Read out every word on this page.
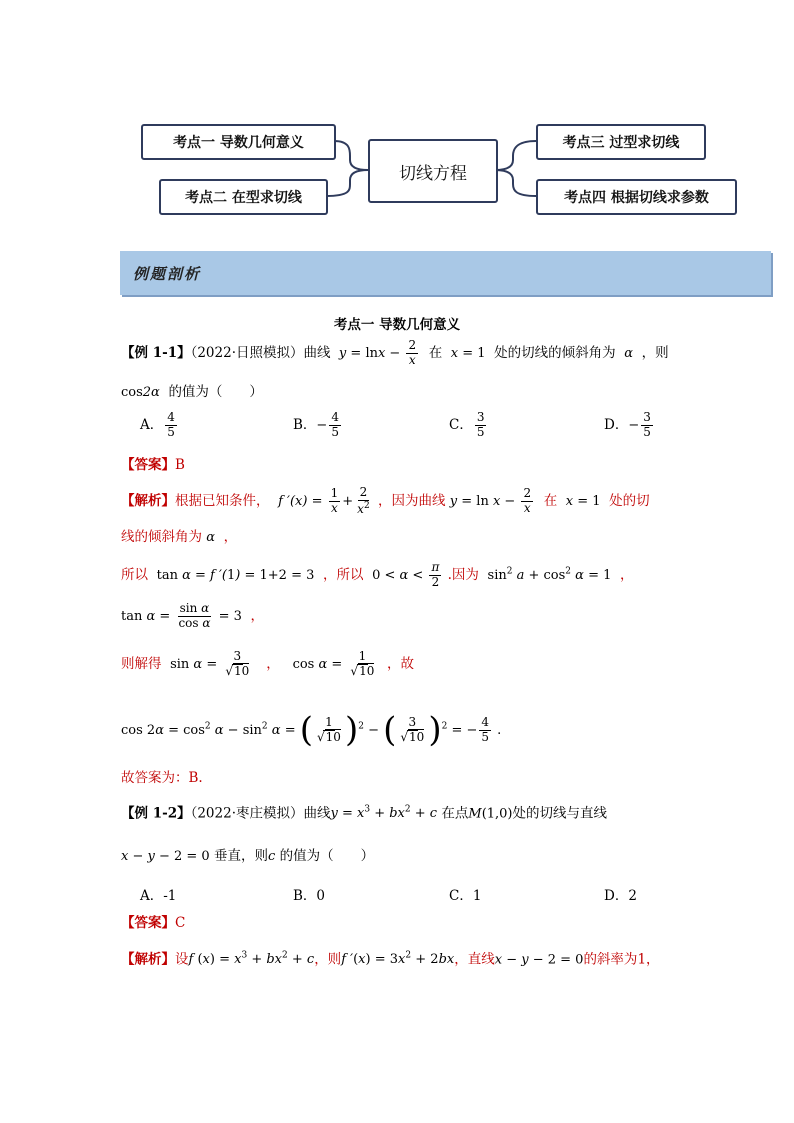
考点一 导数几何意义
考点二 在型求切线
切线方程
考点三 过型求切线
考点四 根据切线求参数
例题剖析
考点一 导数几何意义
【例 1-1】（2022·日照模拟）曲线  $y = \ln x - \frac{2}{x}$ 在 x = 1 处的切线的倾斜角为 α ，则
cos2α 的值为（　　）
A． $\frac{4}{5}$	B．− $\frac{4}{5}$	C． $\frac{3}{5}$	D．− $\frac{3}{5}$
【答案】B
【解析】根据已知条件， f $'(x) = \frac{1}{x} + \frac{2}{x^2}$ ，因为曲线 $y = \ln x - \frac{2}{x}$ 在 x = 1 处的切
线的倾斜角为 α ，
所以 tan α = f ′(1) = 1+2 = 3 ，所以 $0 < \alpha < \frac{\pi}{2}$ .因为 $\sin^2 a + \cos^2 \alpha = 1$ ，
$\tan \alpha = \frac{\text{sin α}}{\text{cos α}} = 3$ ，
则解得 $\sin \alpha = \frac{3}{√10}$ ， $\cos \alpha = \frac{1}{√10}$ ，故
$\cos 2\alpha = \cos^2 \alpha - \sin^2 \alpha$ = ( $\frac{1}{√10} )^2$ − ( $\frac{3}{√10} )^2$ = − $\frac{4}{5}$ .
故答案为：B.
【例 1-2】（2022·枣庄模拟）曲线$y = x^3 + bx^2 + c$ 在点M(1,0)处的切线与直线
x − y − 2 = 0 垂直，则c 的值为（　　）
A．-1	B．0	C．1	D．2
【答案】C
【解析】设f $(x) = x^3 + bx^2 + c$，则f $'(x) = 3x^2 + 2bx$，直线x − y − 2 = 0的斜率为1，
